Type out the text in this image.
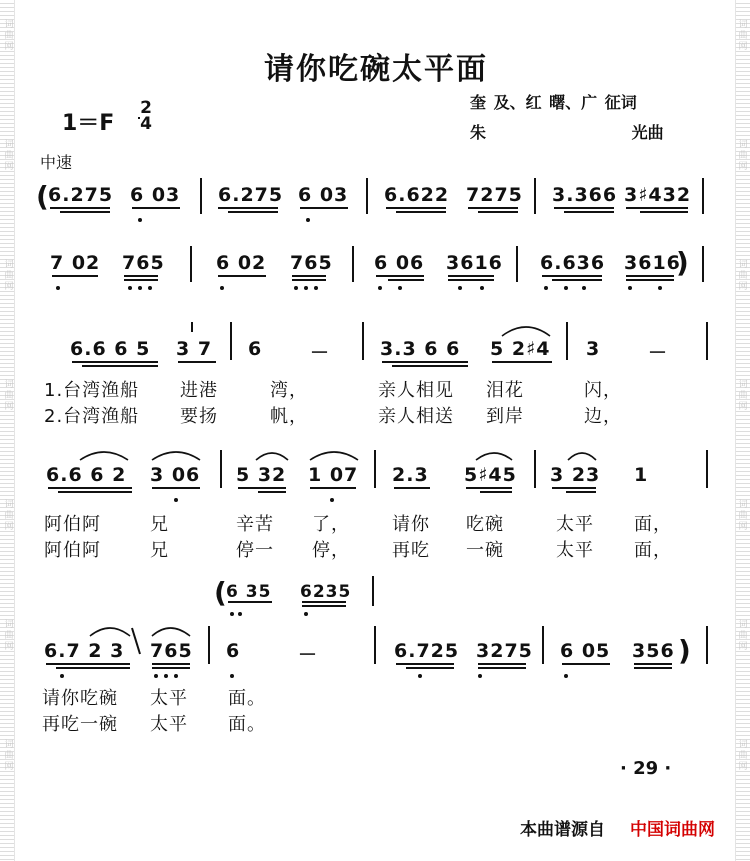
词
曲
网
词
曲
网
词
曲
网
词
曲
网
词
曲
网
词
曲
网
词
曲
网
词
曲
网
词
曲
网
词
曲
网
词
曲
网
词
曲
网
词
曲
网
词
曲
网
请你吃碗太平面
1＝F
2
4
奎 及、红 曙、广 征词
朱 光曲
中速
( 6.275 6 03 6.275 6 03 6.622 7275 3.366 3♯432
7 02 765	6 02 765 6 06 3616 6.636 3616
)
6.6 6 5 3 7 6	－	3.3 6 6 5 2♯4 3	－
1.台湾渔船 进港	湾，	亲人相见 泪花	闪，
2.台湾渔船 要扬	帆，	亲人相送 到岸	边，
6.6 6 2 3 06 5 32 1 07 2.3 5♯45 3 23 1
阿伯阿	兄	辛苦 了， 请你 吃碗	太平 面，
阿伯阿	兄	停一 停， 再吃 一碗	太平 面，
( 6 35 6235
6.7 2 3 765 6	－	6.725 3275 6 05 356 )
请你吃碗 太平 面。
再吃一碗 太平 面。
· 29 ·
本曲谱源自 中国词曲网
